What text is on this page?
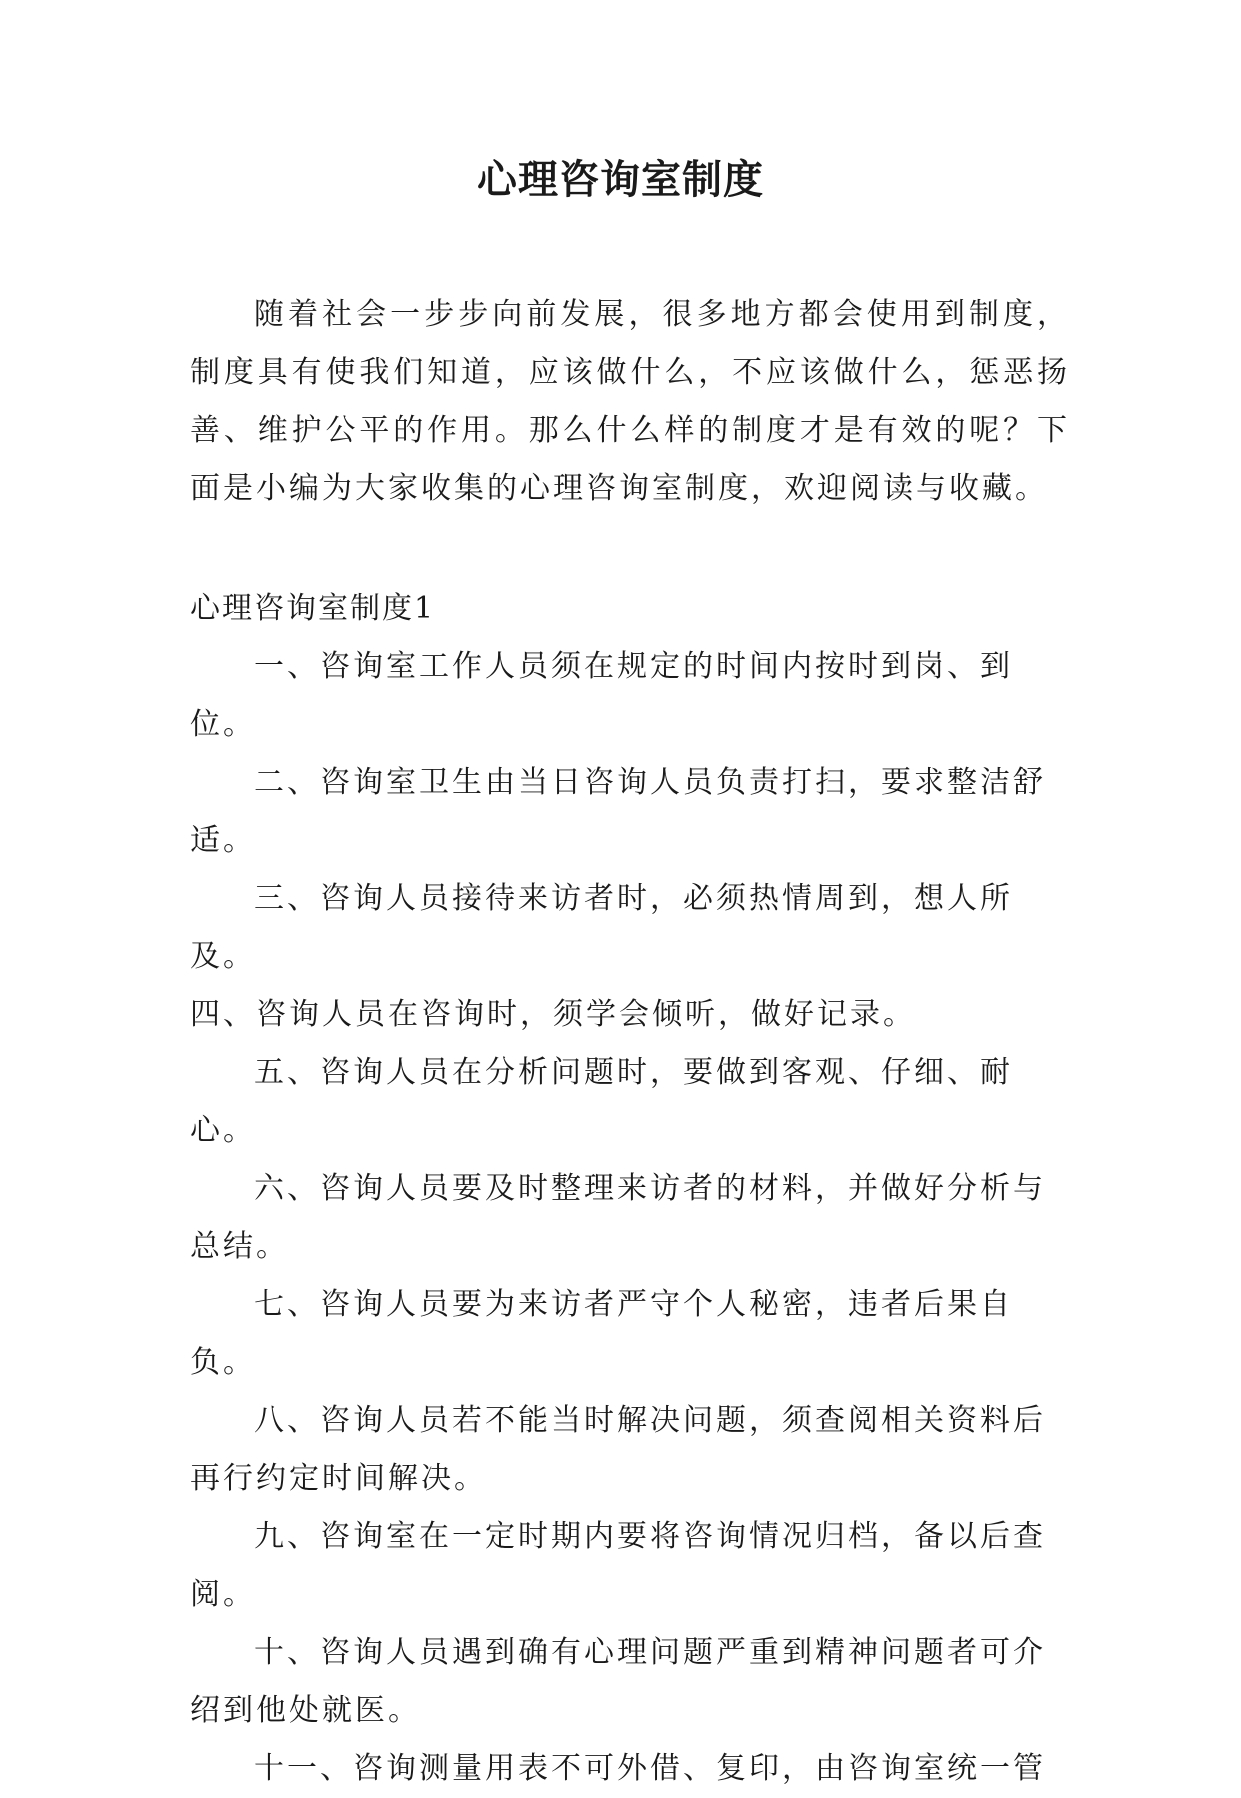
心理咨询室制度

随着社会一步步向前发展，很多地方都会使用到制度，制度具有使我们知道，应该做什么，不应该做什么，惩恶扬善、维护公平的作用。那么什么样的制度才是有效的呢？下面是小编为大家收集的心理咨询室制度，欢迎阅读与收藏。

心理咨询室制度1

一、咨询室工作人员须在规定的时间内按时到岗、到位。

二、咨询室卫生由当日咨询人员负责打扫，要求整洁舒适。

三、咨询人员接待来访者时，必须热情周到，想人所及。

四、咨询人员在咨询时，须学会倾听，做好记录。

五、咨询人员在分析问题时，要做到客观、仔细、耐心。

六、咨询人员要及时整理来访者的材料，并做好分析与总结。

七、咨询人员要为来访者严守个人秘密，违者后果自负。

八、咨询人员若不能当时解决问题，须查阅相关资料后再行约定时间解决。

九、咨询室在一定时期内要将咨询情况归档，备以后查阅。

十、咨询人员遇到确有心理问题严重到精神问题者可介绍到他处就医。

十一、咨询测量用表不可外借、复印，由咨询室统一管
